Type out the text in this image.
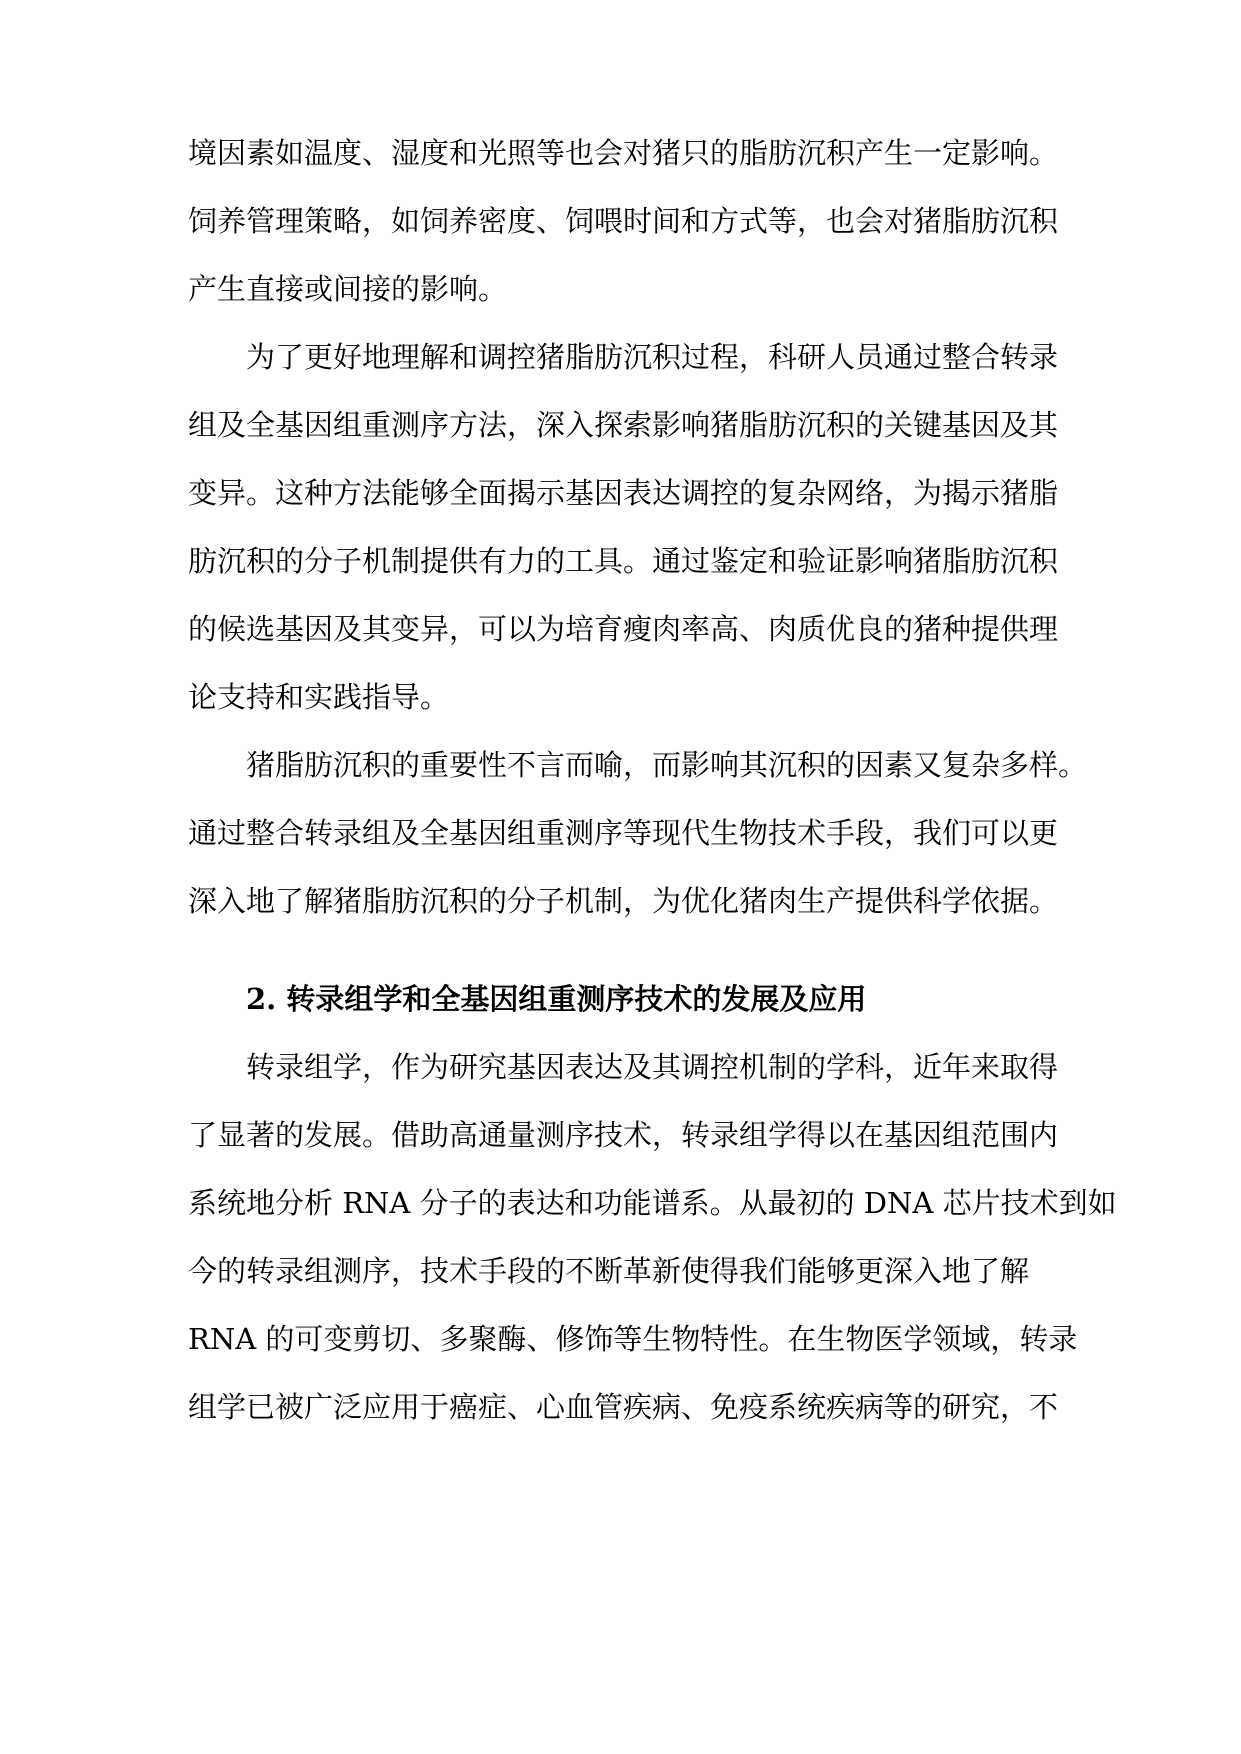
境因素如温度、湿度和光照等也会对猪只的脂肪沉积产生一定影响。
饲养管理策略，如饲养密度、饲喂时间和方式等，也会对猪脂肪沉积
产生直接或间接的影响。
为了更好地理解和调控猪脂肪沉积过程，科研人员通过整合转录
组及全基因组重测序方法，深入探索影响猪脂肪沉积的关键基因及其
变异。这种方法能够全面揭示基因表达调控的复杂网络，为揭示猪脂
肪沉积的分子机制提供有力的工具。通过鉴定和验证影响猪脂肪沉积
的候选基因及其变异，可以为培育瘦肉率高、肉质优良的猪种提供理
论支持和实践指导。
猪脂肪沉积的重要性不言而喻，而影响其沉积的因素又复杂多样。
通过整合转录组及全基因组重测序等现代生物技术手段，我们可以更
深入地了解猪脂肪沉积的分子机制，为优化猪肉生产提供科学依据。
2. 转录组学和全基因组重测序技术的发展及应用
转录组学，作为研究基因表达及其调控机制的学科，近年来取得
了显著的发展。借助高通量测序技术，转录组学得以在基因组范围内
系统地分析 RNA 分子的表达和功能谱系。从最初的 DNA 芯片技术到如
今的转录组测序，技术手段的不断革新使得我们能够更深入地了解
RNA 的可变剪切、多聚酶、修饰等生物特性。在生物医学领域，转录
组学已被广泛应用于癌症、心血管疾病、免疫系统疾病等的研究，不
